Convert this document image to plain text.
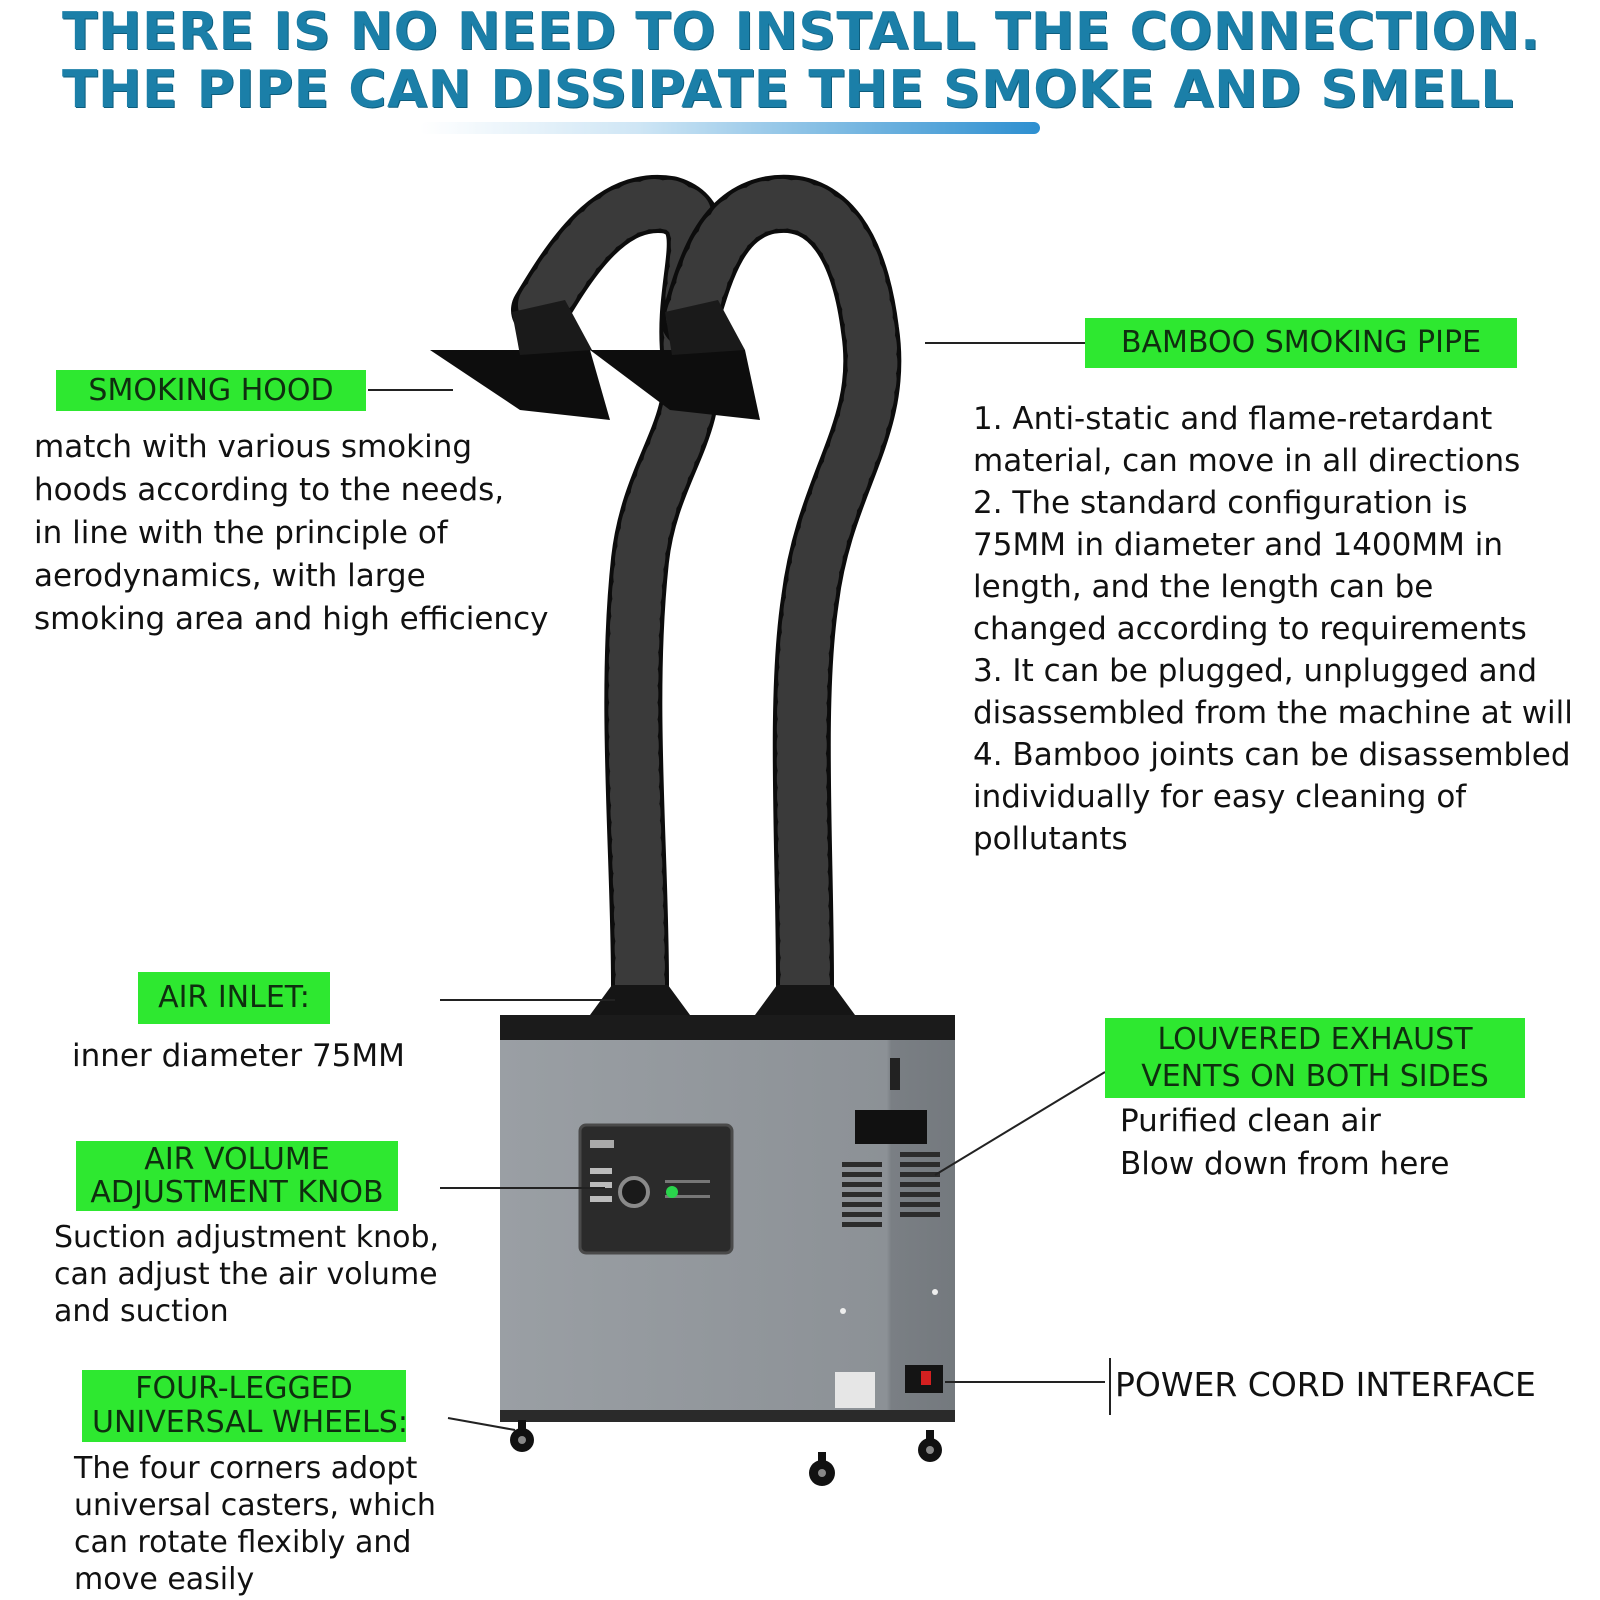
THERE IS NO NEED TO INSTALL THE CONNECTION.
THE PIPE CAN DISSIPATE THE SMOKE AND SMELL
SMOKING HOOD
match with various smoking
hoods according to the needs,
in line with the principle of
aerodynamics, with large
smoking area and high efficiency
BAMBOO SMOKING PIPE
1. Anti-static and flame-retardant
material, can move in all directions
2. The standard configuration is
75MM in diameter and 1400MM in
length, and the length can be
changed according to requirements
3. It can be plugged, unplugged and
disassembled from the machine at will
4. Bamboo joints can be disassembled
individually for easy cleaning of
pollutants
AIR INLET:
inner diameter 75MM
AIR VOLUME
ADJUSTMENT KNOB
Suction adjustment knob,
can adjust the air volume
and suction
FOUR-LEGGED
UNIVERSAL WHEELS:
The four corners adopt
universal casters, which
can rotate flexibly and
move easily
LOUVERED EXHAUST
VENTS ON BOTH SIDES
Purified clean air
Blow down from here
POWER CORD INTERFACE
